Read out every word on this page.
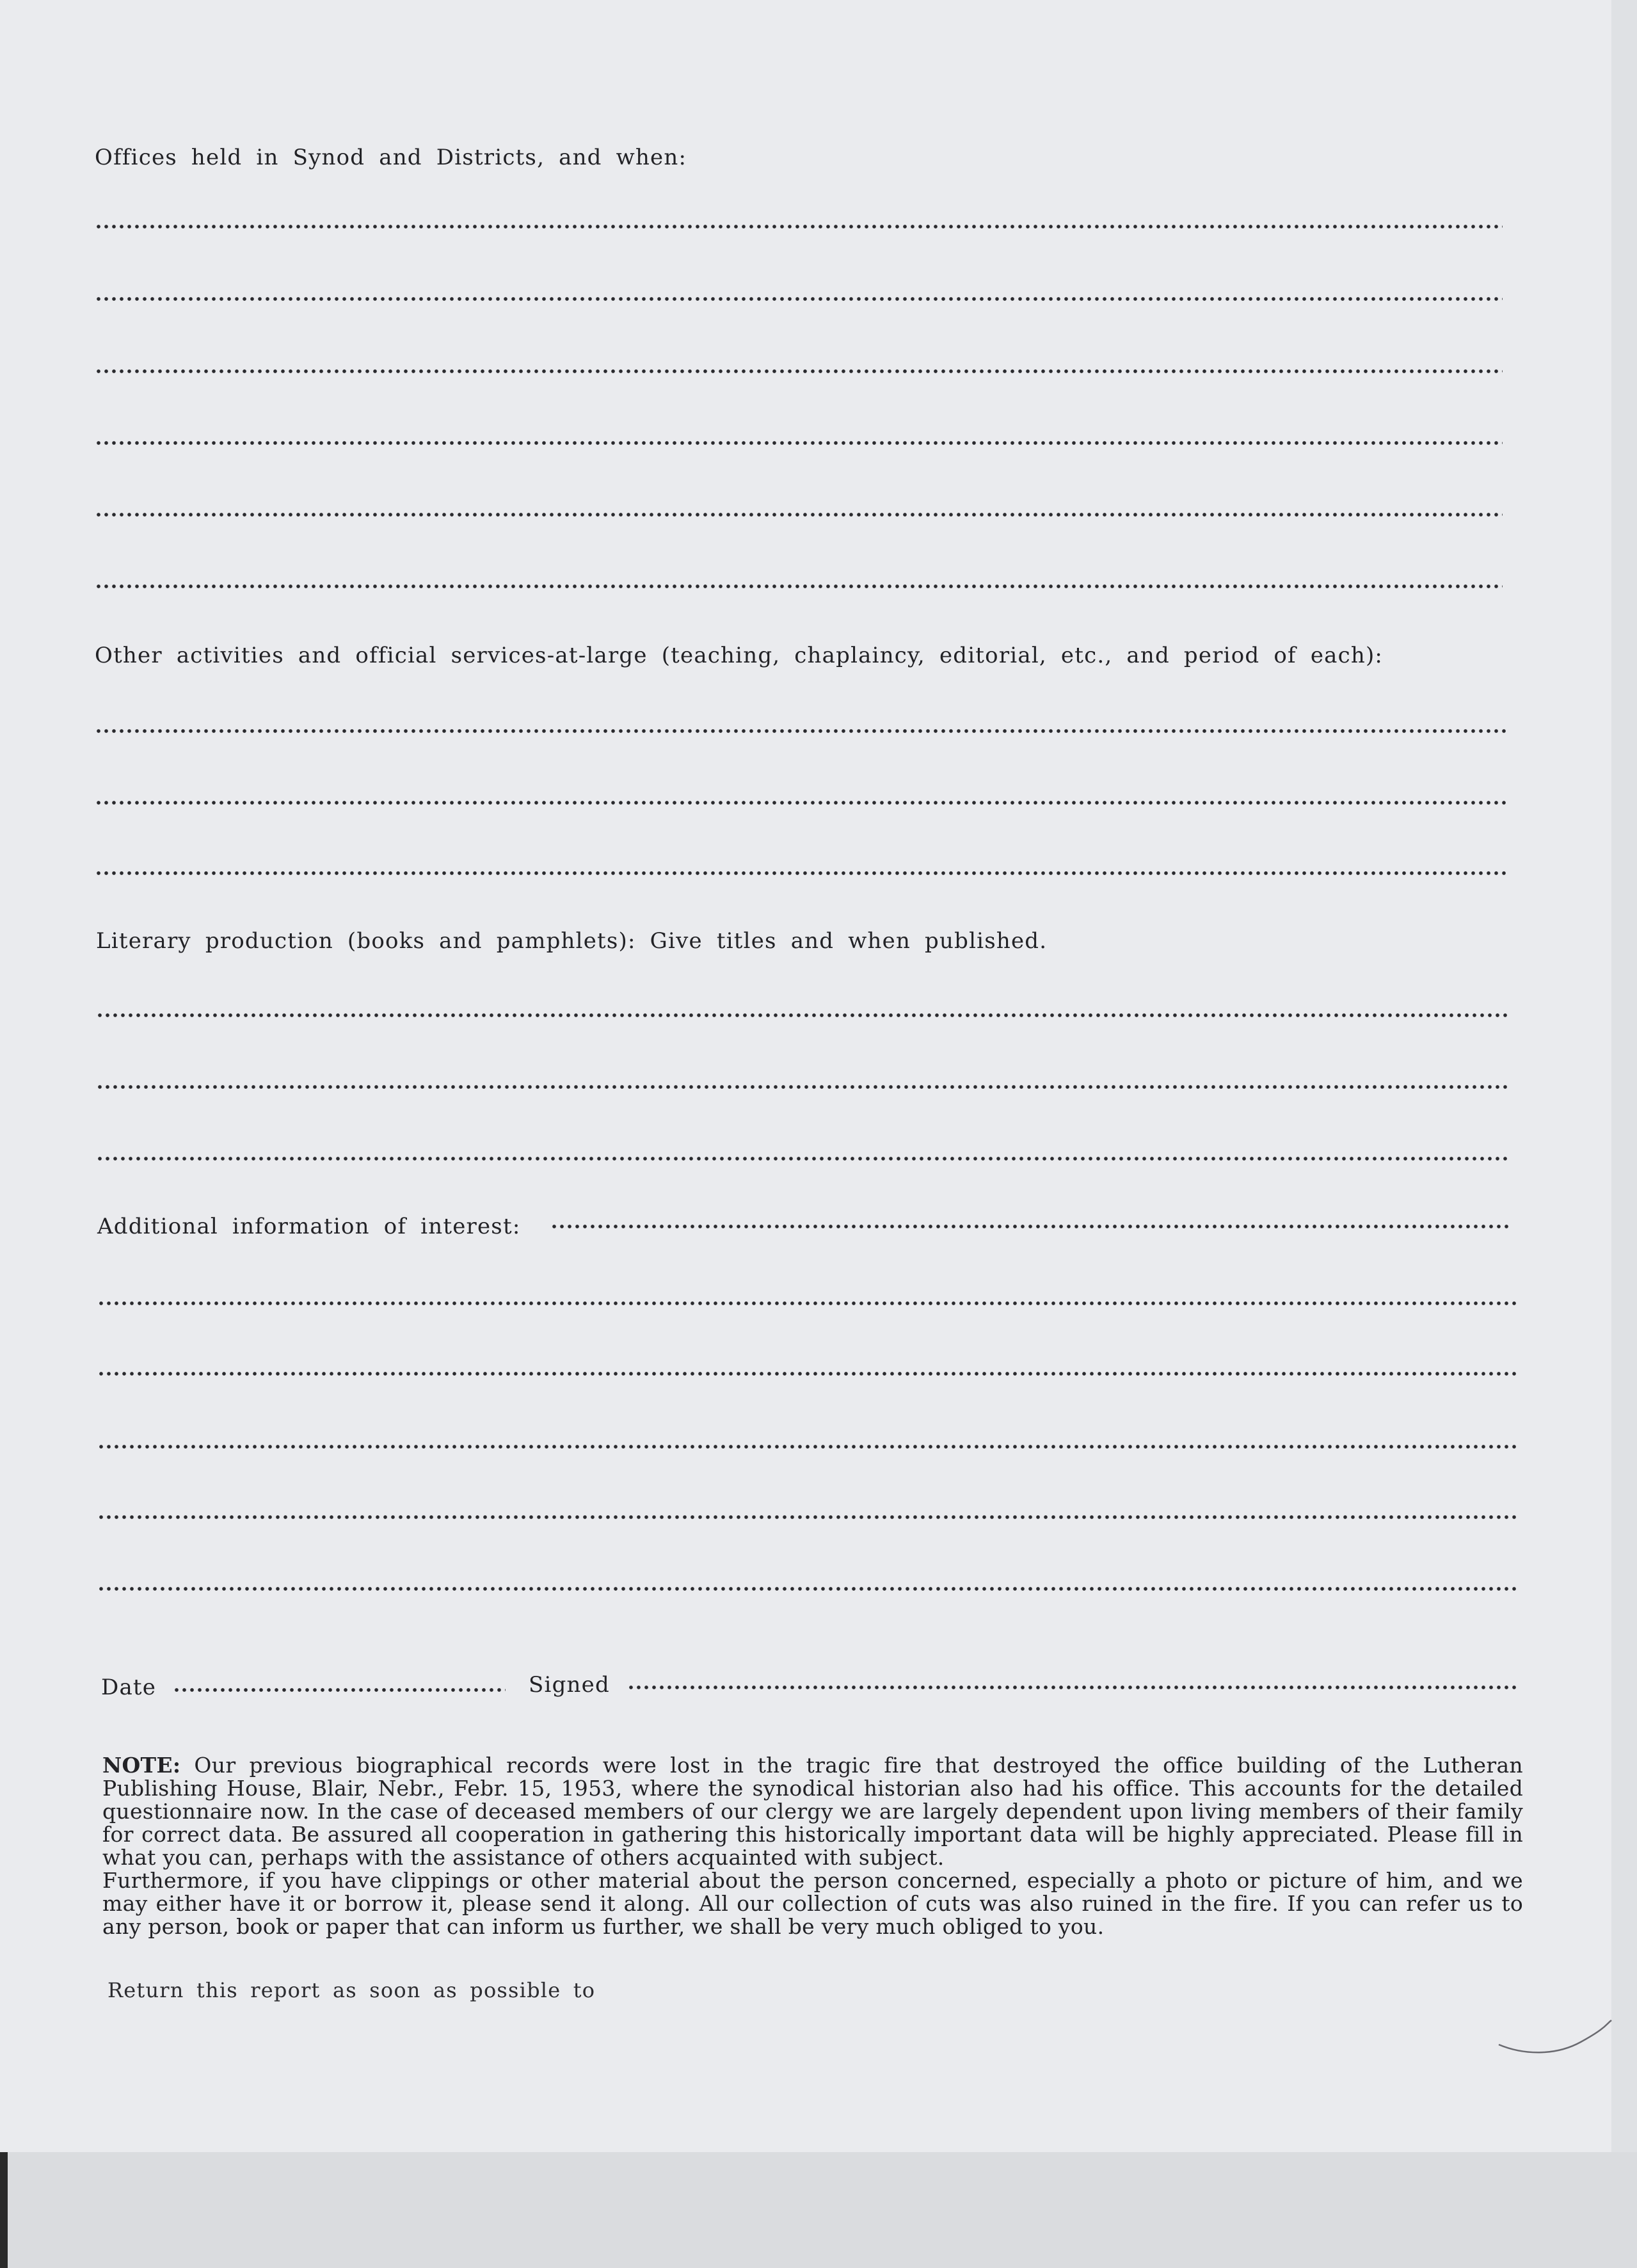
Offices held in Synod and Districts, and when:
Other activities and official services-at-large (teaching, chaplaincy, editorial, etc., and period of each):
Literary production (books and pamphlets): Give titles and when published.
Additional information of interest:
Date	Signed

NOTE: Our previous biographical records were lost in the tragic fire that destroyed the office building of the Lutheran Publishing House, Blair, Nebr., Febr. 15, 1953, where the synodical historian also had his office. This accounts for the detailed questionnaire now. In the case of deceased members of our clergy we are largely dependent upon living members of their family for correct data. Be assured all cooperation in gathering this historically important data will be highly appreciated. Please fill in what you can, perhaps with the assistance of others acquainted with subject.

Furthermore, if you have clippings or other material about the person concerned, especially a photo or picture of him, and we may either have it or borrow it, please send it along. All our collection of cuts was also ruined in the fire. If you can refer us to any person, book or paper that can inform us further, we shall be very much obliged to you.

Return this report as soon as possible to
